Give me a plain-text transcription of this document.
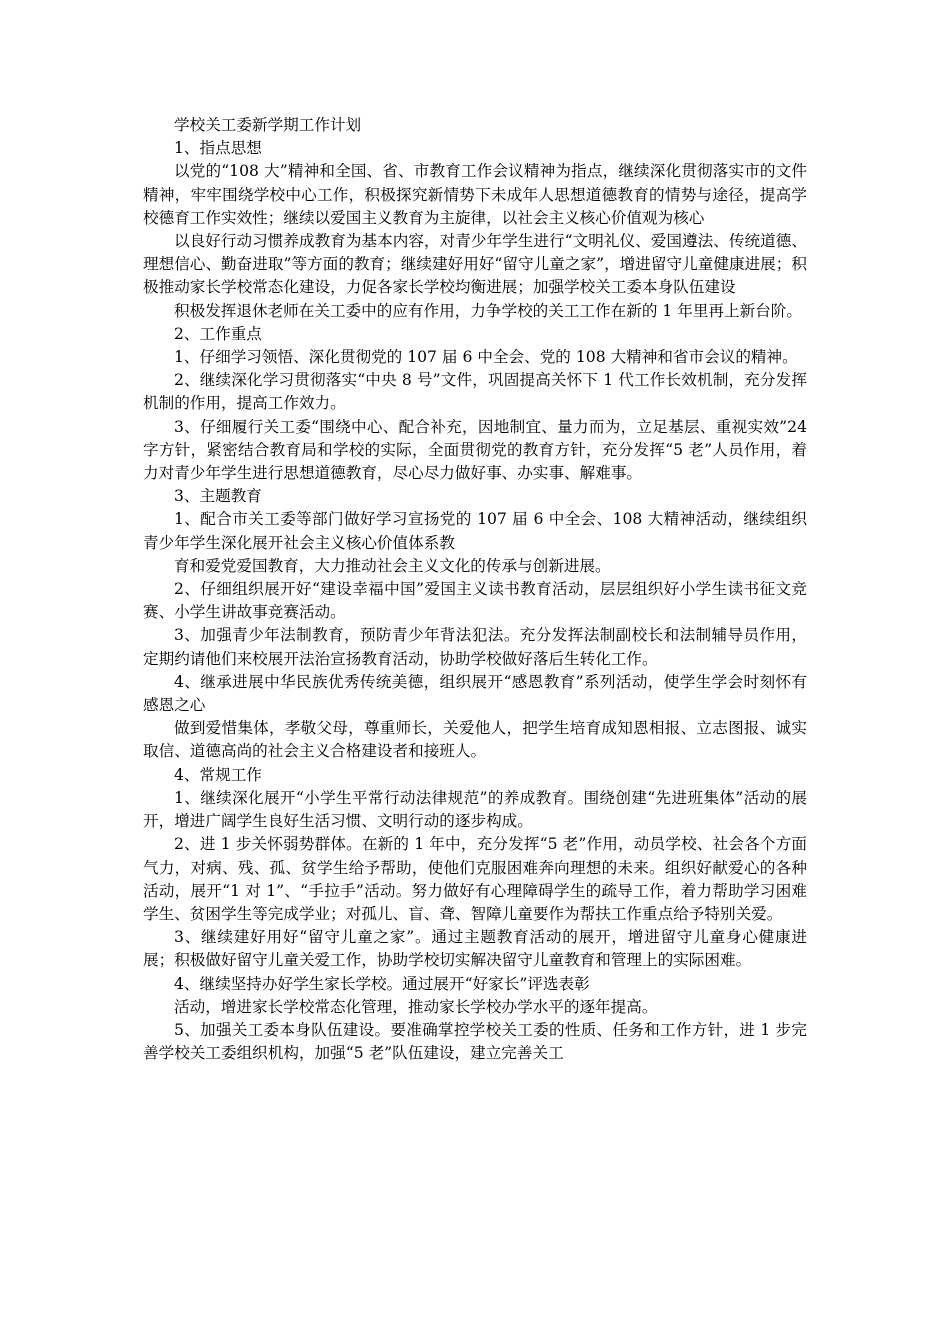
学校关工委新学期工作计划

1、指点思想

以党的“108 大”精神和全国、省、市教育工作会议精神为指点，继续深化贯彻落实市的文件精神，牢牢围绕学校中心工作，积极探究新情势下未成年人思想道德教育的情势与途径，提高学校德育工作实效性；继续以爱国主义教育为主旋律，以社会主义核心价值观为核心

以良好行动习惯养成教育为基本内容，对青少年学生进行“文明礼仪、爱国遵法、传统道德、理想信心、勤奋进取”等方面的教育；继续建好用好“留守儿童之家”，增进留守儿童健康进展；积极推动家长学校常态化建设，力促各家长学校均衡进展；加强学校关工委本身队伍建设

积极发挥退休老师在关工委中的应有作用，力争学校的关工工作在新的 1 年里再上新台阶。

2、工作重点

1、仔细学习领悟、深化贯彻党的 107 届 6 中全会、党的 108 大精神和省市会议的精神。

2、继续深化学习贯彻落实“中央 8 号”文件，巩固提高关怀下 1 代工作长效机制，充分发挥机制的作用，提高工作效力。

3、仔细履行关工委“围绕中心、配合补充，因地制宜、量力而为，立足基层、重视实效”24 字方针，紧密结合教育局和学校的实际，全面贯彻党的教育方针，充分发挥“5 老”人员作用，着力对青少年学生进行思想道德教育，尽心尽力做好事、办实事、解难事。

3、主题教育

1、配合市关工委等部门做好学习宣扬党的 107 届 6 中全会、108 大精神活动，继续组织青少年学生深化展开社会主义核心价值体系教

育和爱党爱国教育，大力推动社会主义文化的传承与创新进展。

2、仔细组织展开好“建设幸福中国”爱国主义读书教育活动，层层组织好小学生读书征文竞赛、小学生讲故事竞赛活动。

3、加强青少年法制教育，预防青少年背法犯法。充分发挥法制副校长和法制辅导员作用，定期约请他们来校展开法治宣扬教育活动，协助学校做好落后生转化工作。

4、继承进展中华民族优秀传统美德，组织展开“感恩教育”系列活动，使学生学会时刻怀有感恩之心

做到爱惜集体，孝敬父母，尊重师长，关爱他人，把学生培育成知恩相报、立志图报、诚实取信、道德高尚的社会主义合格建设者和接班人。

4、常规工作

1、继续深化展开“小学生平常行动法律规范”的养成教育。围绕创建“先进班集体”活动的展开，增进广阔学生良好生活习惯、文明行动的逐步构成。

2、进 1 步关怀弱势群体。在新的 1 年中，充分发挥“5 老”作用，动员学校、社会各个方面气力，对病、残、孤、贫学生给予帮助，使他们克服困难奔向理想的未来。组织好献爱心的各种活动，展开“1 对 1”、“手拉手”活动。努力做好有心理障碍学生的疏导工作，着力帮助学习困难学生、贫困学生等完成学业；对孤儿、盲、聋、智障儿童要作为帮扶工作重点给予特别关爱。

3、继续建好用好“留守儿童之家”。通过主题教育活动的展开，增进留守儿童身心健康进展；积极做好留守儿童关爱工作，协助学校切实解决留守儿童教育和管理上的实际困难。

4、继续坚持办好学生家长学校。通过展开“好家长”评选表彰

活动，增进家长学校常态化管理，推动家长学校办学水平的逐年提高。

5、加强关工委本身队伍建设。要准确掌控学校关工委的性质、任务和工作方针，进 1 步完善学校关工委组织机构，加强“5 老”队伍建设，建立完善关工
